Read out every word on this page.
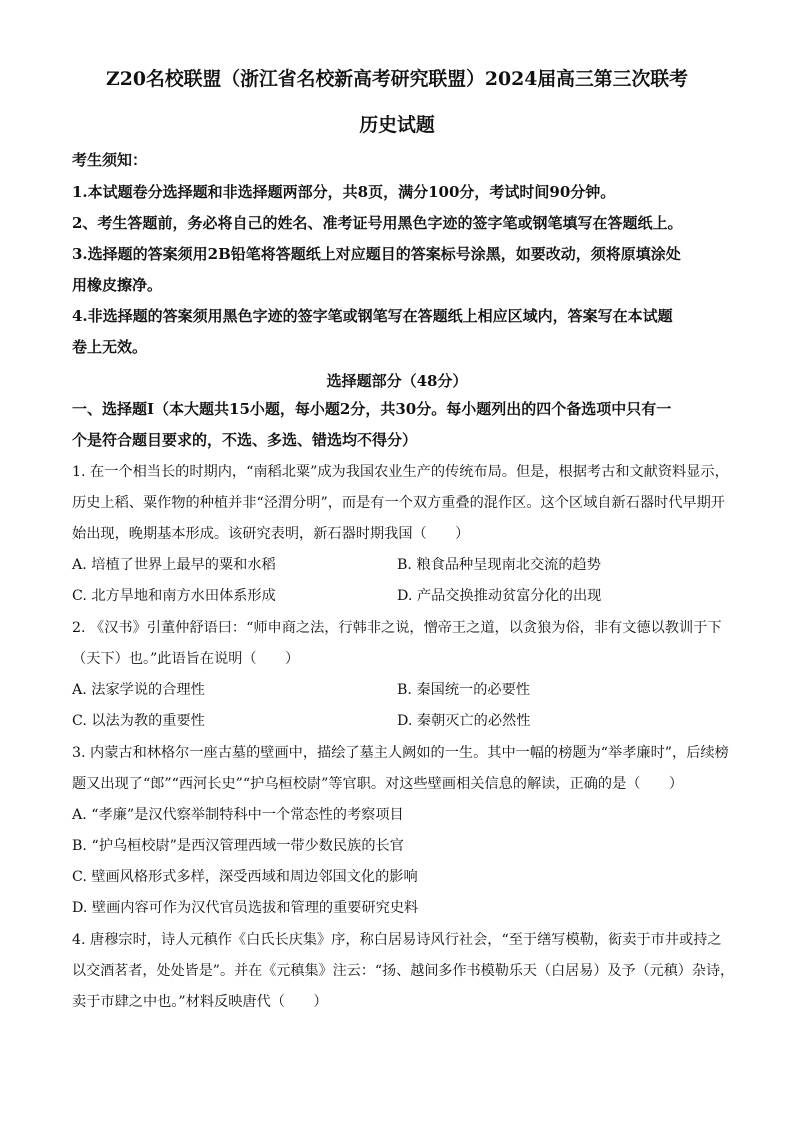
Z20名校联盟（浙江省名校新高考研究联盟）2024届高三第三次联考
历史试题
考生须知：
1.本试题卷分选择题和非选择题两部分，共8页，满分100分，考试时间90分钟。
2、考生答题前，务必将自己的姓名、准考证号用黑色字迹的签字笔或钢笔填写在答题纸上。
3.选择题的答案须用2B铅笔将答题纸上对应题目的答案标号涂黑，如要改动，须将原填涂处
用橡皮擦净。
4.非选择题的答案须用黑色字迹的签字笔或钢笔写在答题纸上相应区域内，答案写在本试题
卷上无效。
选择题部分（48分）
一、选择题Ⅰ（本大题共15小题，每小题2分，共30分。每小题列出的四个备选项中只有一
个是符合题目要求的，不选、多选、错选均不得分）
1. 在一个相当长的时期内，“南稻北粟”成为我国农业生产的传统布局。但是，根据考古和文献资料显示，
历史上稻、粟作物的种植并非“泾渭分明”，而是有一个双方重叠的混作区。这个区域自新石器时代早期开
始出现，晚期基本形成。该研究表明，新石器时期我国（　　）
A. 培植了世界上最早的粟和水稻	B. 粮食品种呈现南北交流的趋势
C. 北方旱地和南方水田体系形成	D. 产品交换推动贫富分化的出现
2. 《汉书》引董仲舒语曰：“师申商之法，行韩非之说，憎帝王之道，以贪狼为俗，非有文德以教训于下
（天下）也。”此语旨在说明（　　）
A. 法家学说的合理性	B. 秦国统一的必要性
C. 以法为教的重要性	D. 秦朝灭亡的必然性
3. 内蒙古和林格尔一座古墓的壁画中，描绘了墓主人阙如的一生。其中一幅的榜题为“举孝廉时”，后续榜
题又出现了“郎”“西河长史”“护乌桓校尉”等官职。对这些壁画相关信息的解读，正确的是（　　）
A. “孝廉”是汉代察举制特科中一个常态性的考察项目
B. “护乌桓校尉”是西汉管理西域一带少数民族的长官
C. 壁画风格形式多样，深受西域和周边邻国文化的影响
D. 壁画内容可作为汉代官员选拔和管理的重要研究史料
4. 唐穆宗时，诗人元稹作《白氏长庆集》序，称白居易诗风行社会，“至于缮写模勒，衒卖于市井或持之
以交酒茗者，处处皆是”。并在《元稹集》注云：“扬、越间多作书模勒乐天（白居易）及予（元稹）杂诗，
卖于市肆之中也。”材料反映唐代（　　）
